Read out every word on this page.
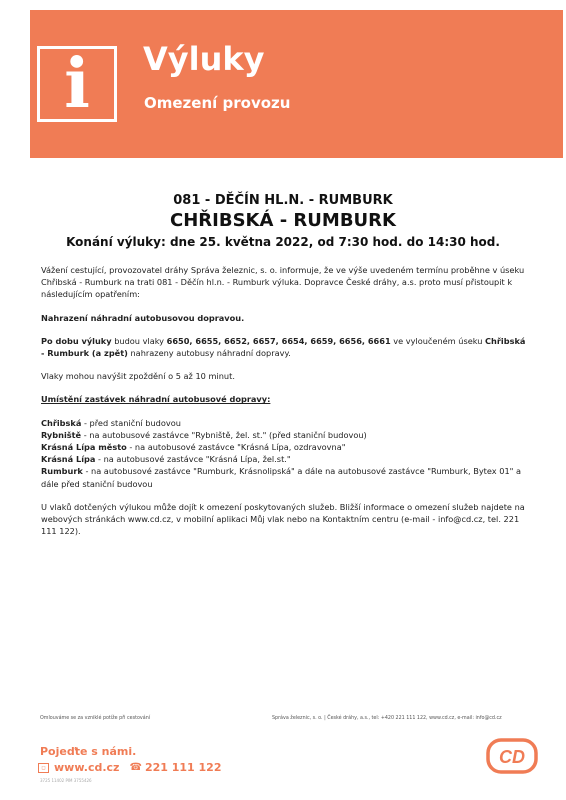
i	Výluky
Omezení provozu
081 - DĚČÍN HL.N. - RUMBURK
CHŘIBSKÁ - RUMBURK
Konání výluky: dne 25. května 2022, od 7:30 hod. do 14:30 hod.

Vážení cestující, provozovatel dráhy Správa železnic, s. o. informuje, že ve výše uvedeném termínu proběhne v úseku Chřibská - Rumburk na trati 081 - Děčín hl.n. - Rumburk výluka. Dopravce České dráhy, a.s. proto musí přistoupit k následujícím opatřením:

Nahrazení náhradní autobusovou dopravou.

Po dobu výluky budou vlaky 6650, 6655, 6652, 6657, 6654, 6659, 6656, 6661 ve vyloučeném úseku Chřibská - Rumburk (a zpět) nahrazeny autobusy náhradní dopravy.

Vlaky mohou navýšit zpoždění o 5 až 10 minut.

Umístění zastávek náhradní autobusové dopravy:

Chřibská - před staniční budovou

Rybniště - na autobusové zastávce "Rybniště, žel. st." (před staniční budovou)

Krásná Lípa město - na autobusové zastávce "Krásná Lípa, ozdravovna"

Krásná Lípa - na autobusové zastávce "Krásná Lípa, žel.st."

Rumburk - na autobusové zastávce "Rumburk, Krásnolipská" a dále na autobusové zastávce "Rumburk, Bytex 01" a dále před staniční budovou

U vlaků dotčených výlukou může dojít k omezení poskytovaných služeb. Bližší informace o omezení služeb najdete na webových stránkách www.cd.cz, v mobilní aplikaci Můj vlak nebo na Kontaktním centru (e-mail - info@cd.cz, tel. 221 111 122).

Omlouváme se za vzniklé potíže při cestování	Správa železnic, s. o. | České dráhy, a.s., tel: +420 221 111 122, www.cd.cz, e-mail: info@cd.cz
Pojeďte s námi.
◻ www.cd.cz ☎ 221 111 122
3725 11402 PIM 3755426
CD
